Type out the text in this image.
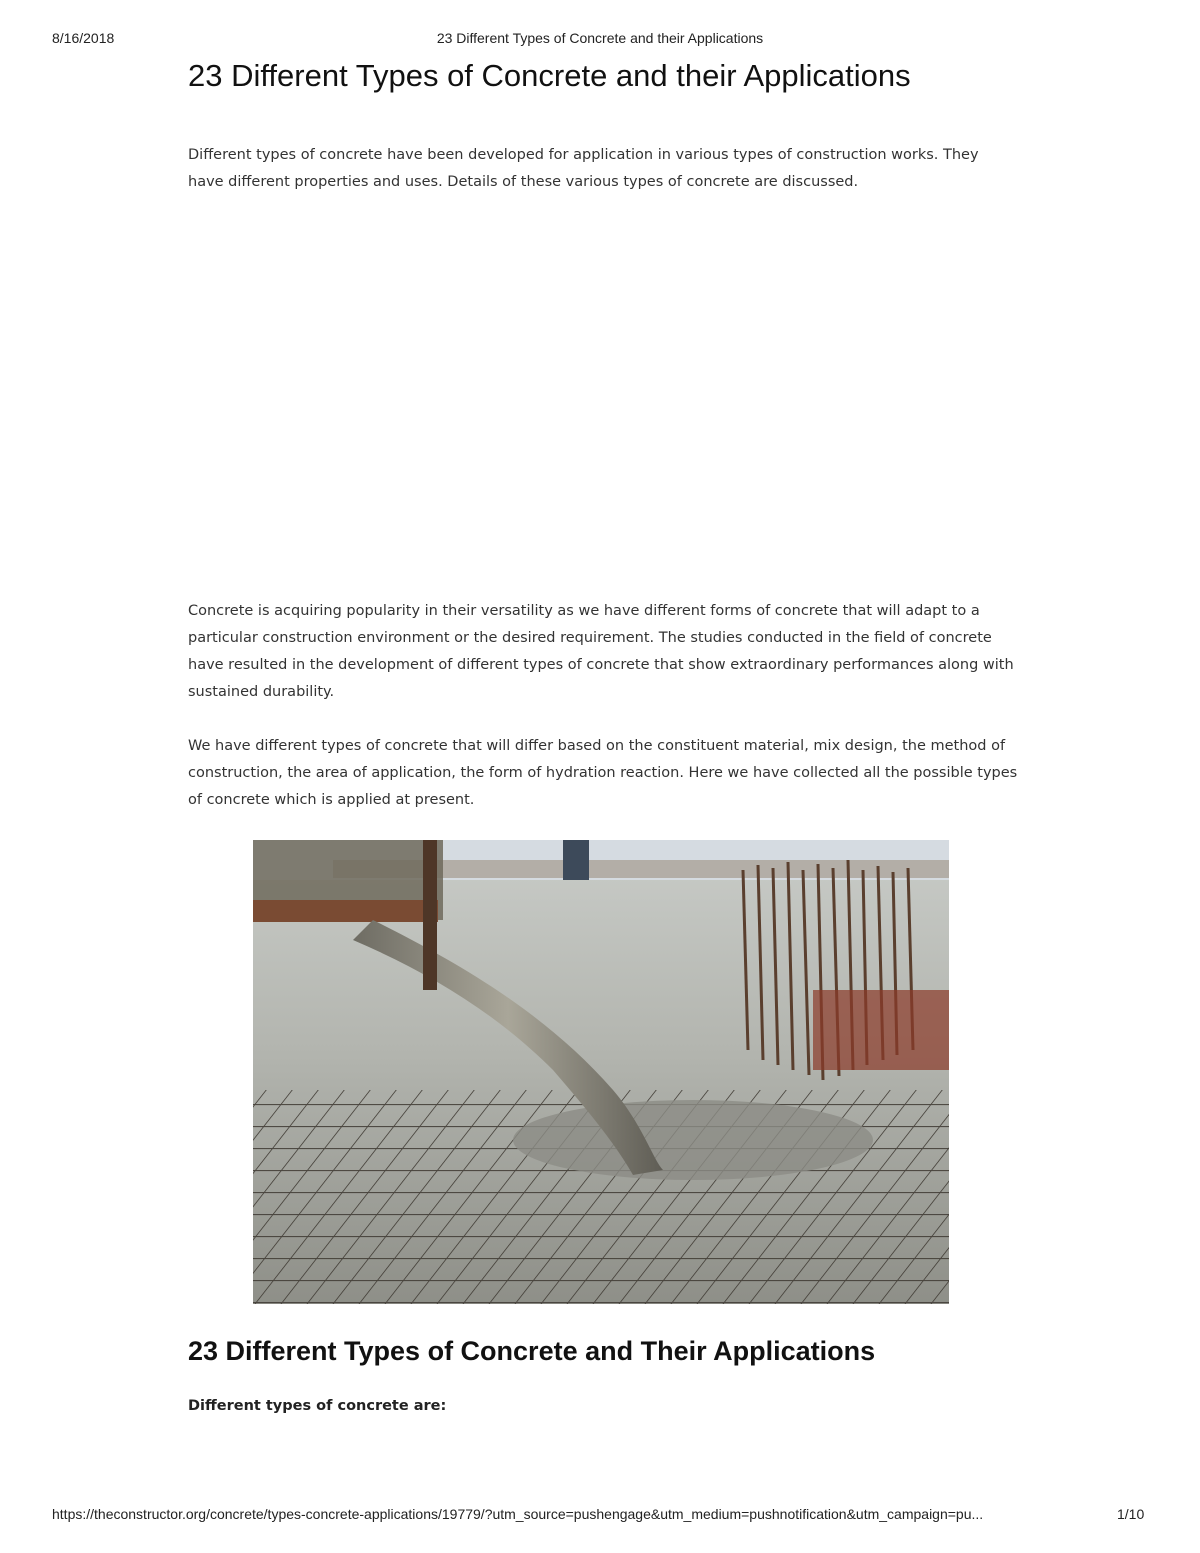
8/16/2018	23 Different Types of Concrete and their Applications
23 Different Types of Concrete and their Applications

Different types of concrete have been developed for application in various types of construction works. They have different properties and uses. Details of these various types of concrete are discussed.

Concrete is acquiring popularity in their versatility as we have different forms of concrete that will adapt to a particular construction environment or the desired requirement. The studies conducted in the field of concrete have resulted in the development of different types of concrete that show extraordinary performances along with sustained durability.

We have different types of concrete that will differ based on the constituent material, mix design, the method of construction, the area of application, the form of hydration reaction. Here we have collected all the possible types of concrete which is applied at present.

23 Different Types of Concrete and Their Applications

Different types of concrete are:

https://theconstructor.org/concrete/types-concrete-applications/19779/?utm_source=pushengage&utm_medium=pushnotification&utm_campaign=pu...	1/10
